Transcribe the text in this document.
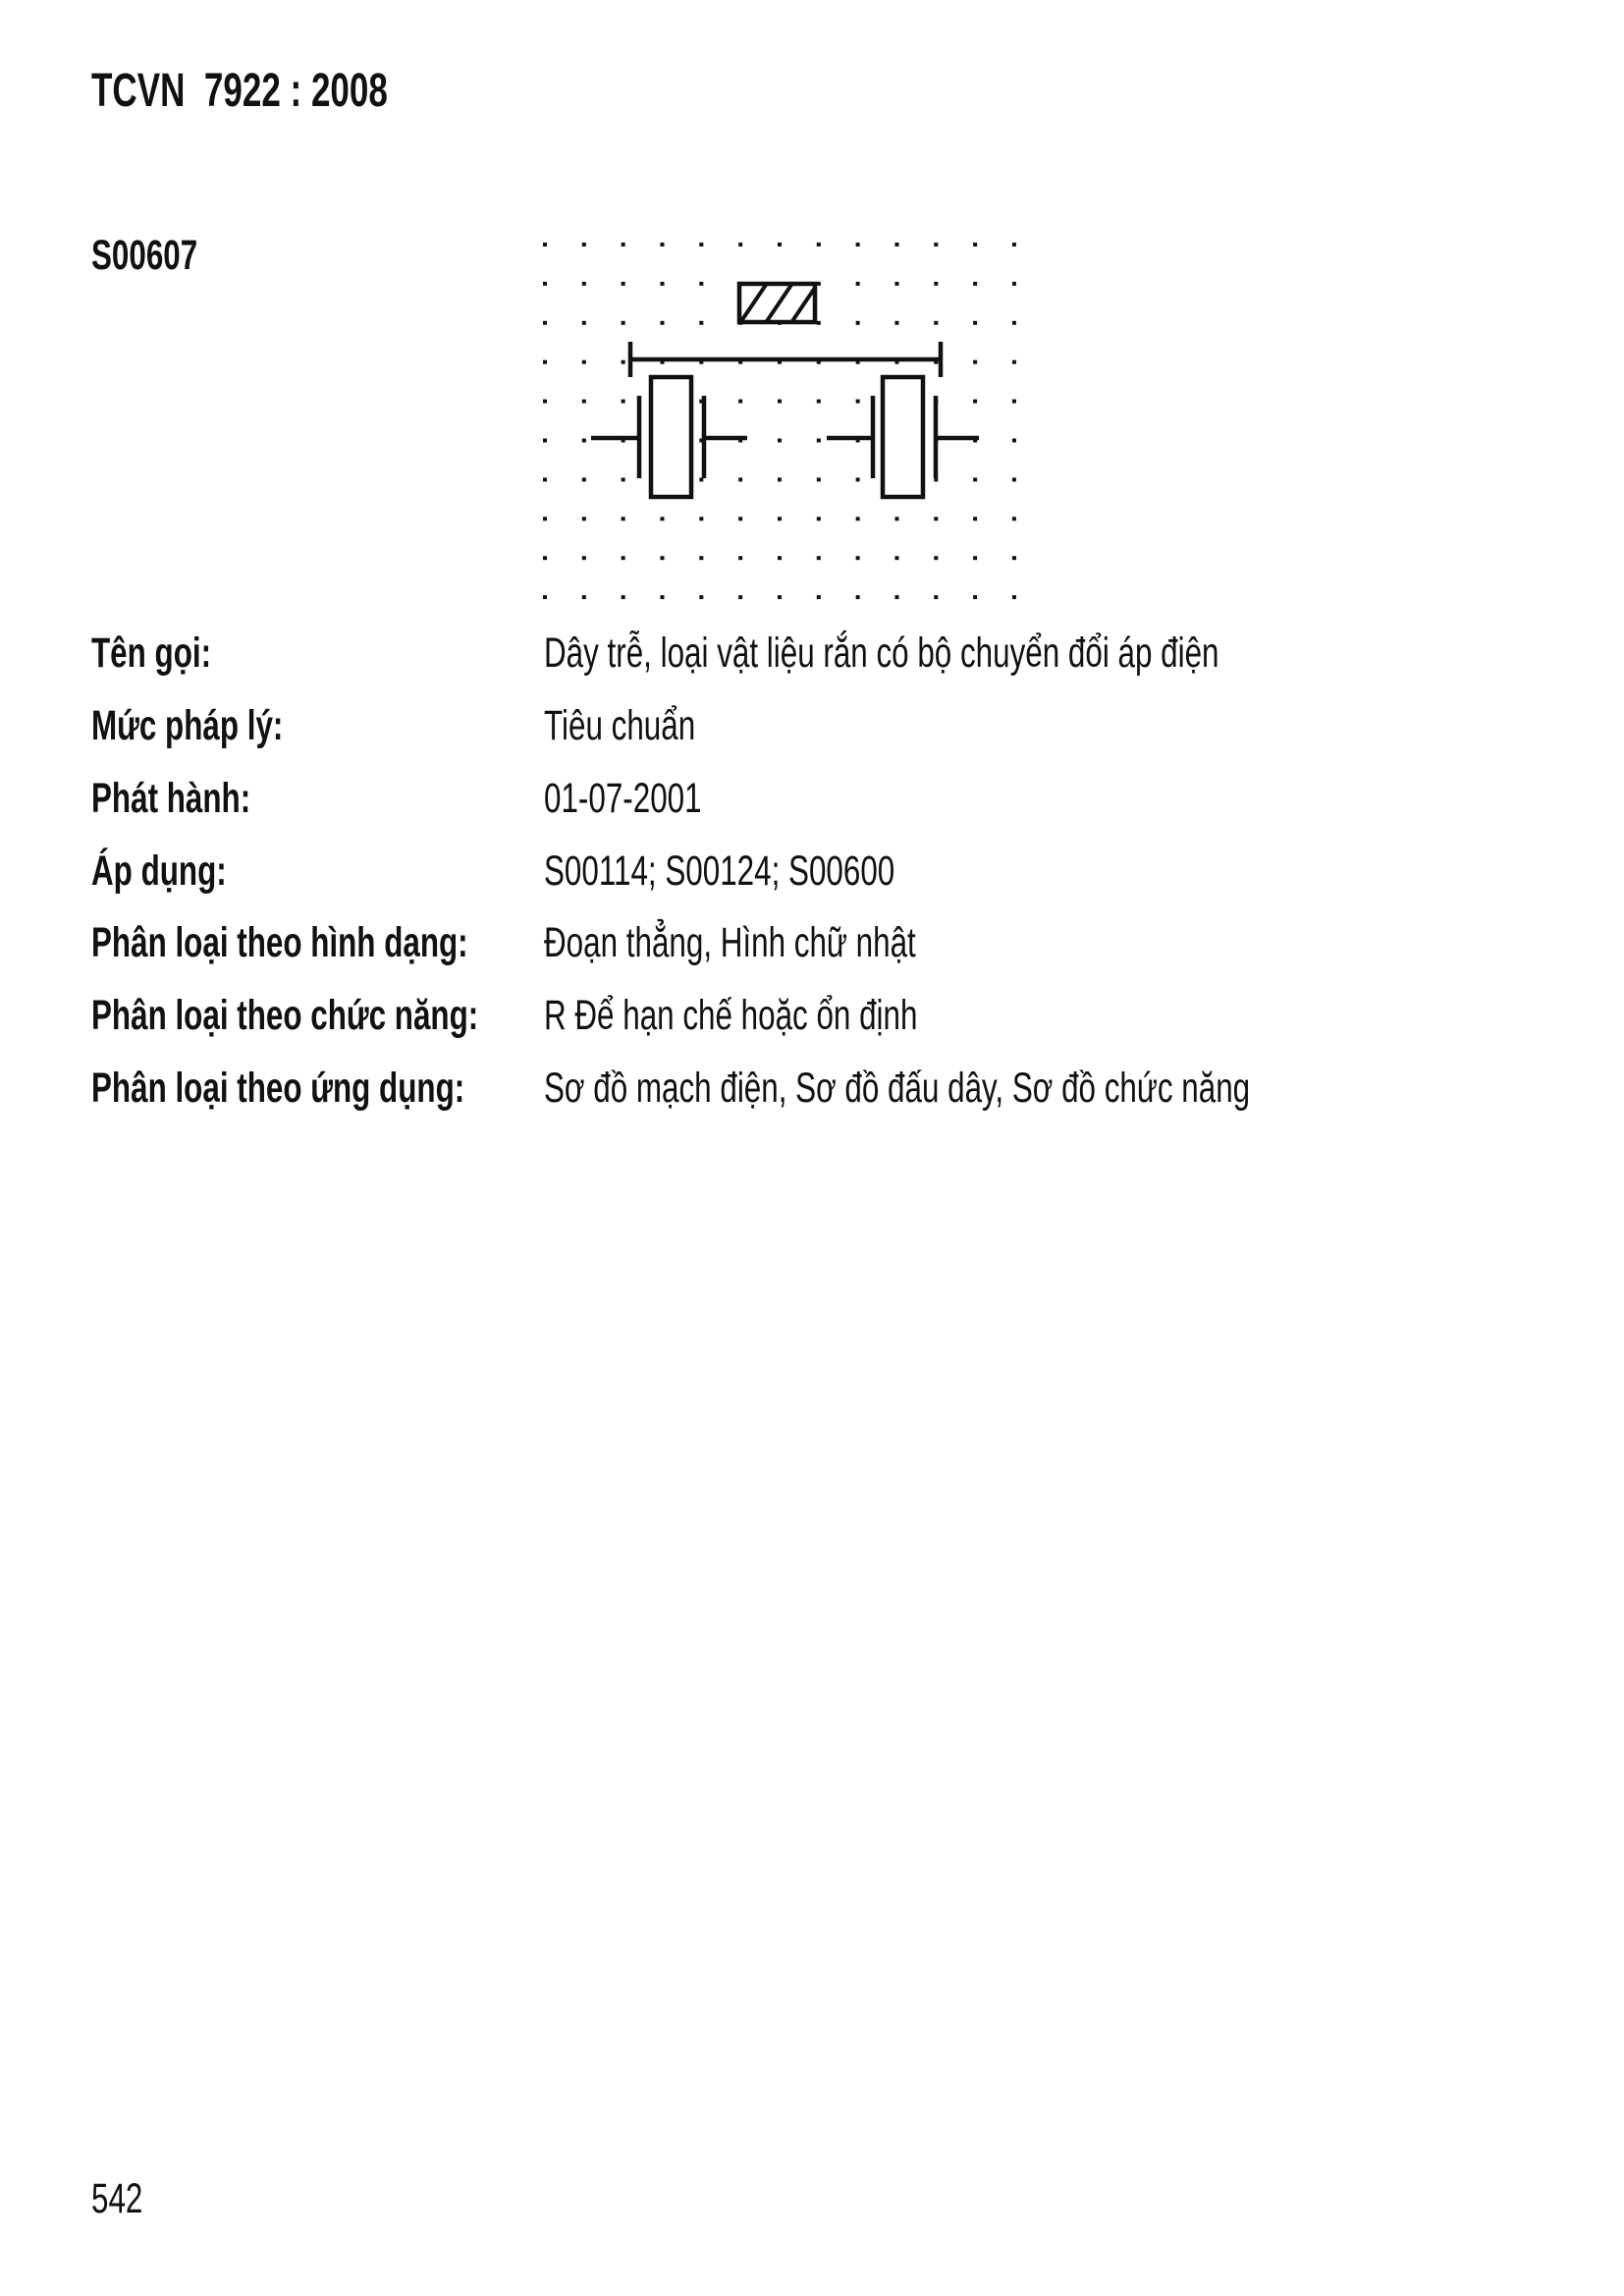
TCVN  7922 : 2008
S00607
Tên gọi:	Dây trễ, loại vật liệu rắn có bộ chuyển đổi áp điện
Mức pháp lý:	Tiêu chuẩn
Phát hành:	01-07-2001
Áp dụng:	S00114; S00124; S00600
Phân loại theo hình dạng:	Đoạn thẳng, Hình chữ nhật
Phân loại theo chức năng:	R Để hạn chế hoặc ổn định
Phân loại theo ứng dụng:	Sơ đồ mạch điện, Sơ đồ đấu dây, Sơ đồ chức năng
542
